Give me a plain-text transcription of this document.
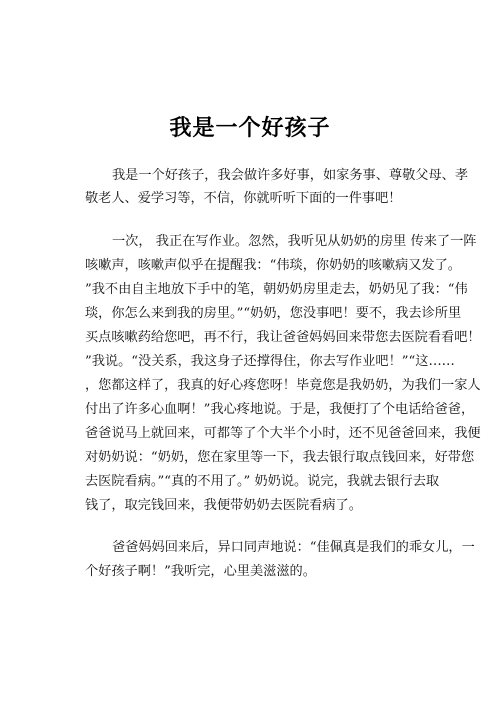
我是一个好孩子
我是一个好孩子，我会做许多好事，如家务事、尊敬父母、孝
敬老人、爱学习等，不信，你就听听下面的一件事吧！
一次， 我正在写作业。忽然，我听见从奶奶的房里 传来了一阵
咳嗽声，咳嗽声似乎在提醒我：“伟琰，你奶奶的咳嗽病又发了。
”我不由自主地放下手中的笔，朝奶奶房里走去，奶奶见了我：“伟
琰，你怎么来到我的房里。”“奶奶，您没事吧！要不，我去诊所里
买点咳嗽药给您吧，再不行，我让爸爸妈妈回来带您去医院看看吧！
”我说。“没关系，我这身子还撑得住，你去写作业吧！”“这……
，您都这样了，我真的好心疼您呀！毕竟您是我奶奶，为我们一家人
付出了许多心血啊！”我心疼地说。于是，我便打了个电话给爸爸，
爸爸说马上就回来，可都等了个大半个小时，还不见爸爸回来，我便
对奶奶说：“奶奶，您在家里等一下，我去银行取点钱回来，好带您
去医院看病。”“真的不用了。” 奶奶说。说完，我就去银行去取
钱了，取完钱回来，我便带奶奶去医院看病了。
爸爸妈妈回来后，异口同声地说：“佳佩真是我们的乖女儿，一
个好孩子啊！”我听完，心里美滋滋的。
